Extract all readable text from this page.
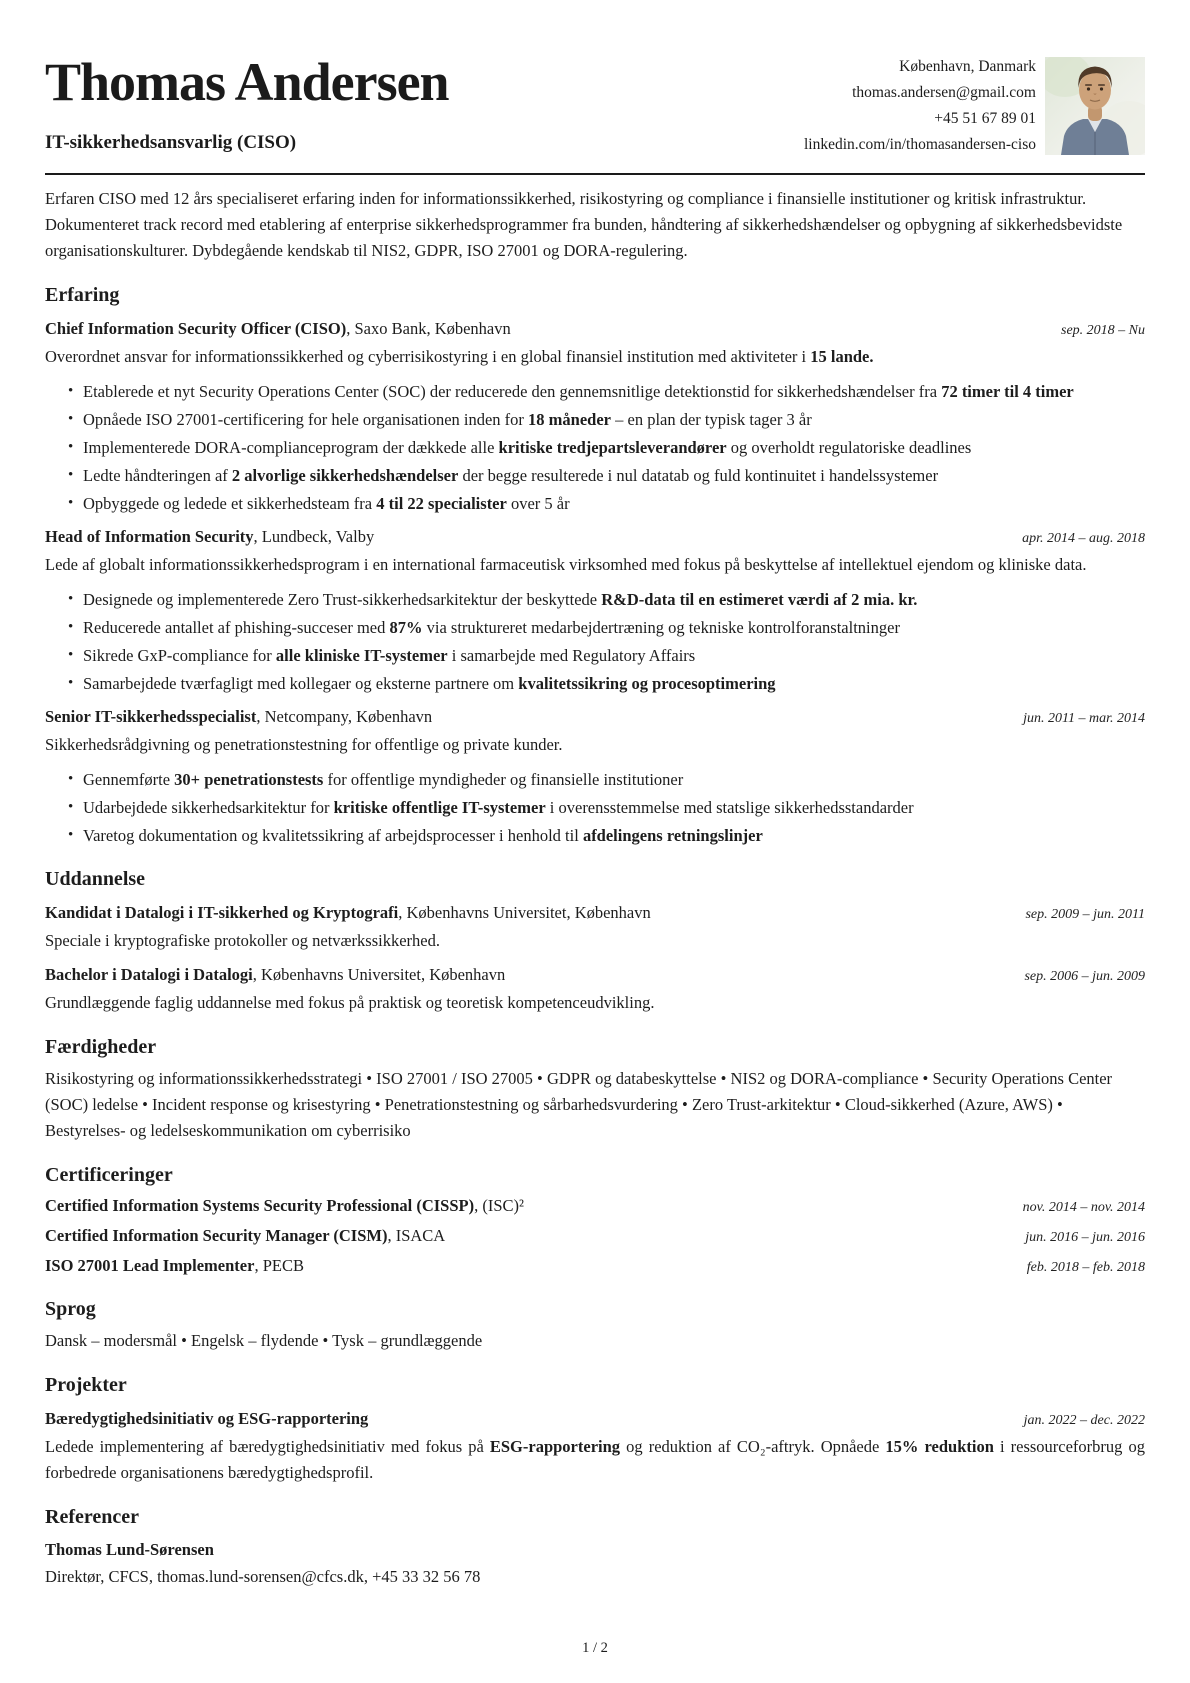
Thomas Andersen
IT-sikkerhedsansvarlig (CISO)
København, Danmark
thomas.andersen@gmail.com
+45 51 67 89 01
linkedin.com/in/thomasandersen-ciso

Erfaren CISO med 12 års specialiseret erfaring inden for informationssikkerhed, risikostyring og compliance i finansielle institutioner og kritisk infrastruktur. Dokumenteret track record med etablering af enterprise sikkerhedsprogrammer fra bunden, håndtering af sikkerhedshændelser og opbygning af sikkerhedsbevidste organisationskulturer. Dybdegående kendskab til NIS2, GDPR, ISO 27001 og DORA-regulering.

Erfaring
Chief Information Security Officer (CISO), Saxo Bank, København	sep. 2018 – Nu

Overordnet ansvar for informationssikkerhed og cyberrisikostyring i en global finansiel institution med aktiviteter i 15 lande.

• Etablerede et nyt Security Operations Center (SOC) der reducerede den gennemsnitlige detektionstid for sikkerhedshændelser fra 72 timer til 4 timer
• Opnåede ISO 27001-certificering for hele organisationen inden for 18 måneder – en plan der typisk tager 3 år
• Implementerede DORA-complianceprogram der dækkede alle kritiske tredjepartsleverandører og overholdt regulatoriske deadlines
• Ledte håndteringen af 2 alvorlige sikkerhedshændelser der begge resulterede i nul datatab og fuld kontinuitet i handelssystemer
• Opbyggede og ledede et sikkerhedsteam fra 4 til 22 specialister over 5 år
Head of Information Security, Lundbeck, Valby	apr. 2014 – aug. 2018

Lede af globalt informationssikkerhedsprogram i en international farmaceutisk virksomhed med fokus på beskyttelse af intellektuel ejendom og kliniske data.

• Designede og implementerede Zero Trust-sikkerhedsarkitektur der beskyttede R&D-data til en estimeret værdi af 2 mia. kr.
• Reducerede antallet af phishing-succeser med 87% via struktureret medarbejdertræning og tekniske kontrolforanstaltninger
• Sikrede GxP-compliance for alle kliniske IT-systemer i samarbejde med Regulatory Affairs
• Samarbejdede tværfagligt med kollegaer og eksterne partnere om kvalitetssikring og procesoptimering
Senior IT-sikkerhedsspecialist, Netcompany, København	jun. 2011 – mar. 2014

Sikkerhedsrådgivning og penetrationstestning for offentlige og private kunder.

• Gennemførte 30+ penetrationstests for offentlige myndigheder og finansielle institutioner
• Udarbejdede sikkerhedsarkitektur for kritiske offentlige IT-systemer i overensstemmelse med statslige sikkerhedsstandarder
• Varetog dokumentation og kvalitetssikring af arbejdsprocesser i henhold til afdelingens retningslinjer
Uddannelse
Kandidat i Datalogi i IT-sikkerhed og Kryptografi, Københavns Universitet, København	sep. 2009 – jun. 2011

Speciale i kryptografiske protokoller og netværkssikkerhed.

Bachelor i Datalogi i Datalogi, Københavns Universitet, København	sep. 2006 – jun. 2009

Grundlæggende faglig uddannelse med fokus på praktisk og teoretisk kompetenceudvikling.

Færdigheder

Risikostyring og informationssikkerhedsstrategi • ISO 27001 / ISO 27005 • GDPR og databeskyttelse • NIS2 og DORA-compliance • Security Operations Center (SOC) ledelse • Incident response og krisestyring • Penetrationstestning og sårbarhedsvurdering • Zero Trust-arkitektur • Cloud-sikkerhed (Azure, AWS) • Bestyrelses- og ledelseskommunikation om cyberrisiko

Certificeringer
Certified Information Systems Security Professional (CISSP), (ISC)²	nov. 2014 – nov. 2014
Certified Information Security Manager (CISM), ISACA	jun. 2016 – jun. 2016
ISO 27001 Lead Implementer, PECB	feb. 2018 – feb. 2018
Sprog

Dansk – modersmål • Engelsk – flydende • Tysk – grundlæggende

Projekter
Bæredygtighedsinitiativ og ESG-rapportering	jan. 2022 – dec. 2022

Ledede implementering af bæredygtighedsinitiativ med fokus på ESG-rapportering og reduktion af CO₂-aftryk. Opnåede 15% reduktion i ressourceforbrug og forbedrede organisationens bæredygtighedsprofil.

Referencer
Thomas Lund-Sørensen

Direktør, CFCS, thomas.lund-sorensen@cfcs.dk, +45 33 32 56 78

1 / 2
